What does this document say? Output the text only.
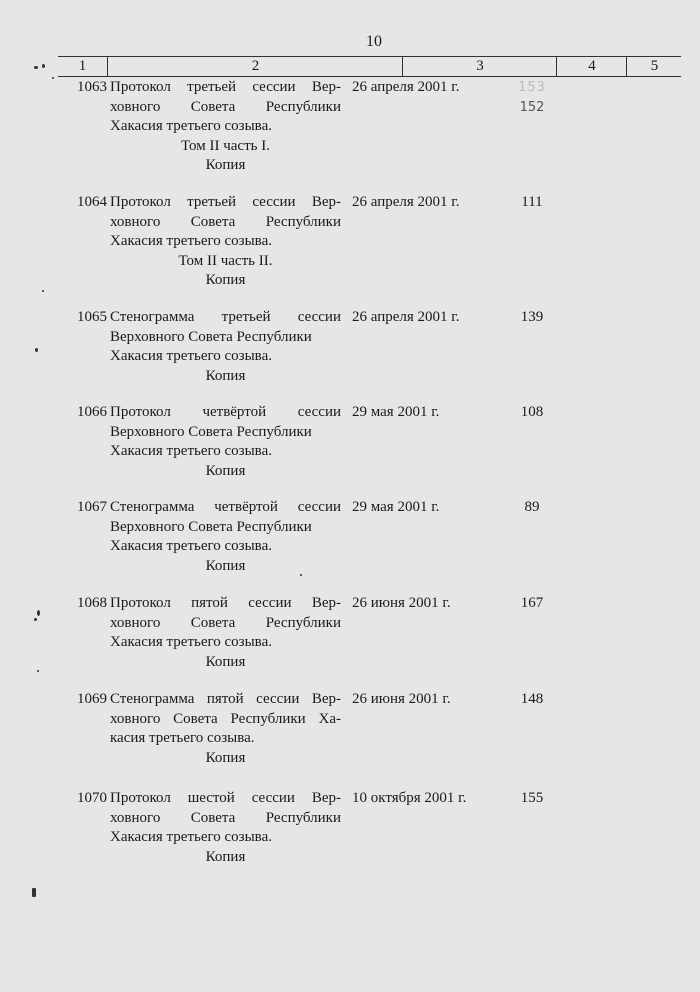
10
1	2	3	4	5
1063 Протокол третьей сессии Вер-
ховного Совета Республики
Хакасия третьего созыва.
Том II часть I.
Копия
26 апреля 2001 г.	153 152
1064 Протокол третьей сессии Вер-
ховного Совета Республики
Хакасия третьего созыва.
Том II часть II.
Копия
26 апреля 2001 г.	111
1065 Стенограмма третьей сессии
Верховного Совета Республики
Хакасия третьего созыва.
Копия
26 апреля 2001 г.	139
1066 Протокол четвёртой сессии
Верховного Совета Республики
Хакасия третьего созыва.
Копия
29 мая 2001 г.	108
1067 Стенограмма четвёртой сессии
Верховного Совета Республики
Хакасия третьего созыва.
Копия
29 мая 2001 г.	89
1068 Протокол пятой сессии Вер-
ховного Совета Республики
Хакасия третьего созыва.
Копия
26 июня 2001 г.	167
1069 Стенограмма пятой сессии Вер-
ховного Совета Республики Ха-
касия третьего созыва.
Копия
26 июня 2001 г.	148
1070 Протокол шестой сессии Вер-
ховного Совета Республики
Хакасия третьего созыва.
Копия
10 октября 2001 г.	155
